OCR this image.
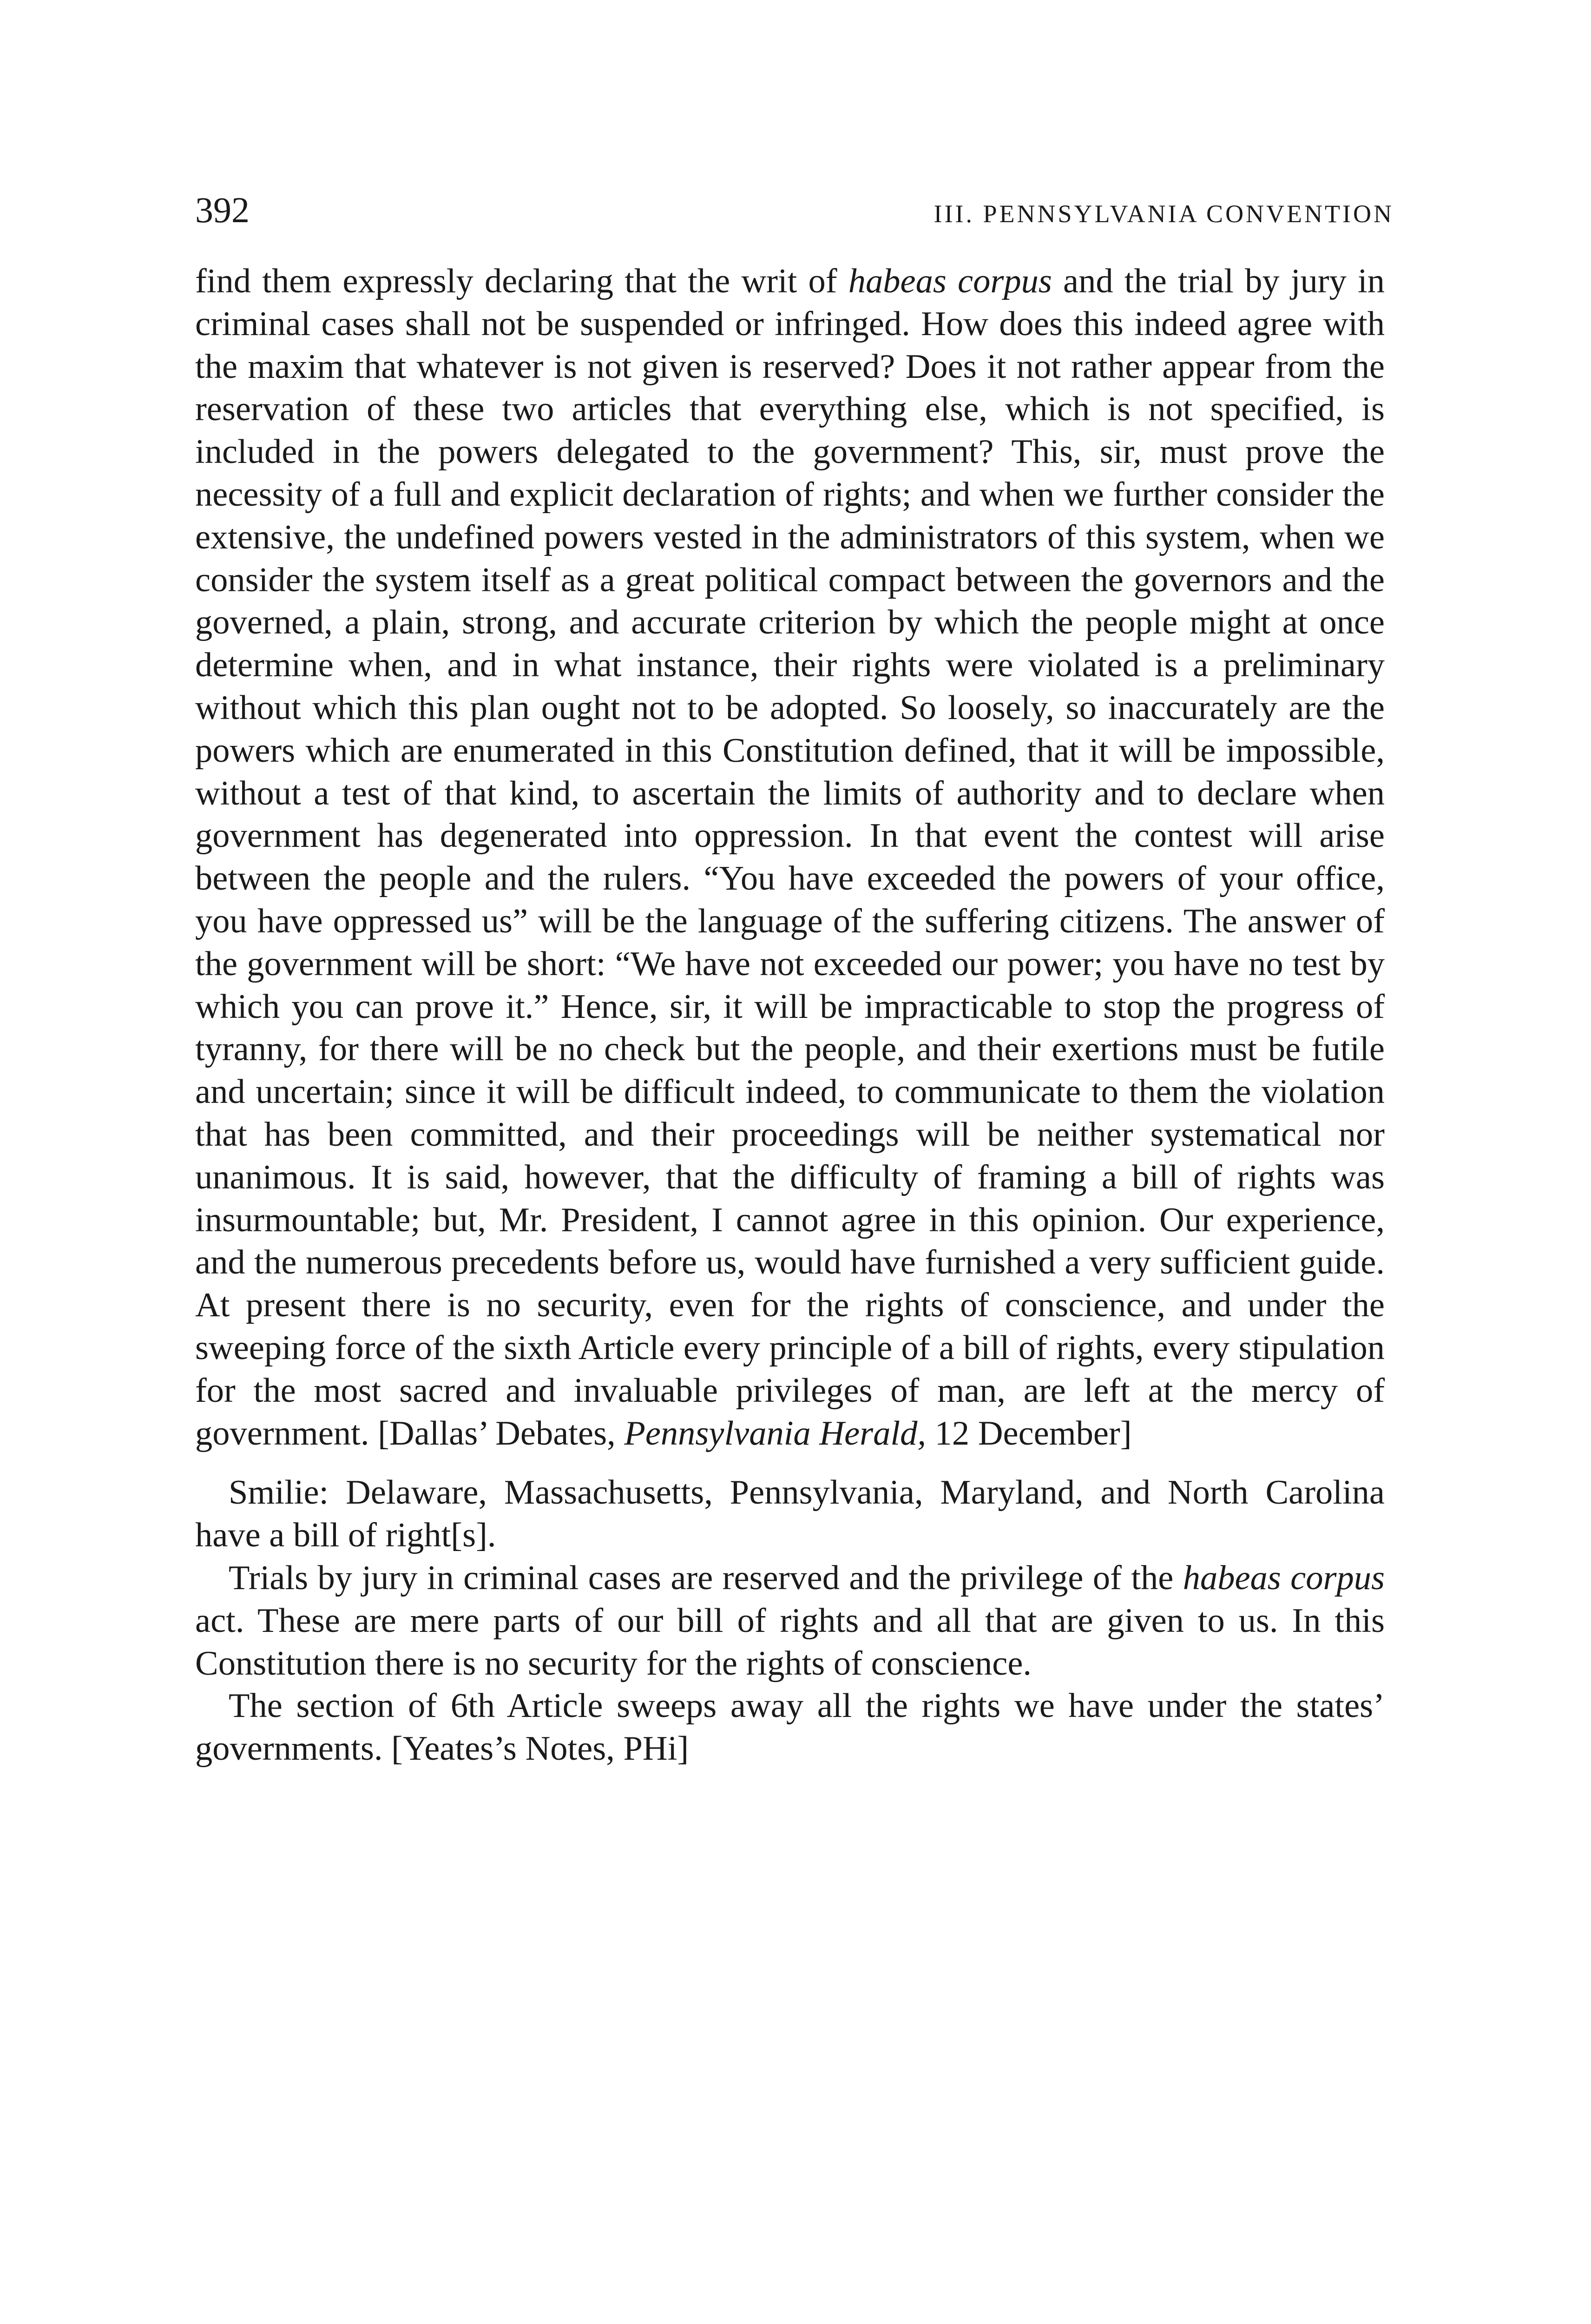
392	III. PENNSYLVANIA CONVENTION

find them expressly declaring that the writ of habeas corpus and the trial by jury in criminal cases shall not be suspended or infringed. How does this indeed agree with the maxim that whatever is not given is reserved? Does it not rather appear from the reservation of these two articles that everything else, which is not specified, is included in the powers delegated to the government? This, sir, must prove the necessity of a full and explicit declaration of rights; and when we further consider the extensive, the undefined powers vested in the administrators of this system, when we consider the system itself as a great political compact between the governors and the governed, a plain, strong, and accurate criterion by which the people might at once determine when, and in what instance, their rights were violated is a preliminary without which this plan ought not to be adopted. So loosely, so inaccurately are the powers which are enumerated in this Constitution defined, that it will be impossible, without a test of that kind, to ascertain the limits of authority and to declare when government has degenerated into oppression. In that event the contest will arise between the people and the rulers. “You have exceeded the powers of your office, you have oppressed us” will be the language of the suffering citizens. The answer of the government will be short: “We have not exceeded our power; you have no test by which you can prove it.” Hence, sir, it will be impracticable to stop the progress of tyranny, for there will be no check but the people, and their exertions must be futile and uncertain; since it will be difficult indeed, to communicate to them the violation that has been committed, and their proceedings will be neither systematical nor unanimous. It is said, however, that the difficulty of framing a bill of rights was insurmountable; but, Mr. President, I cannot agree in this opinion. Our experience, and the numerous precedents before us, would have furnished a very sufficient guide. At present there is no security, even for the rights of conscience, and under the sweeping force of the sixth Article every principle of a bill of rights, every stipulation for the most sacred and invaluable privileges of man, are left at the mercy of government. [Dallas’ Debates, Pennsylvania Herald, 12 December]

Smilie: Delaware, Massachusetts, Pennsylvania, Maryland, and North Carolina have a bill of right[s].

Trials by jury in criminal cases are reserved and the privilege of the habeas corpus act. These are mere parts of our bill of rights and all that are given to us. In this Constitution there is no security for the rights of conscience.

The section of 6th Article sweeps away all the rights we have under the states’ governments. [Yeates’s Notes, PHi]
